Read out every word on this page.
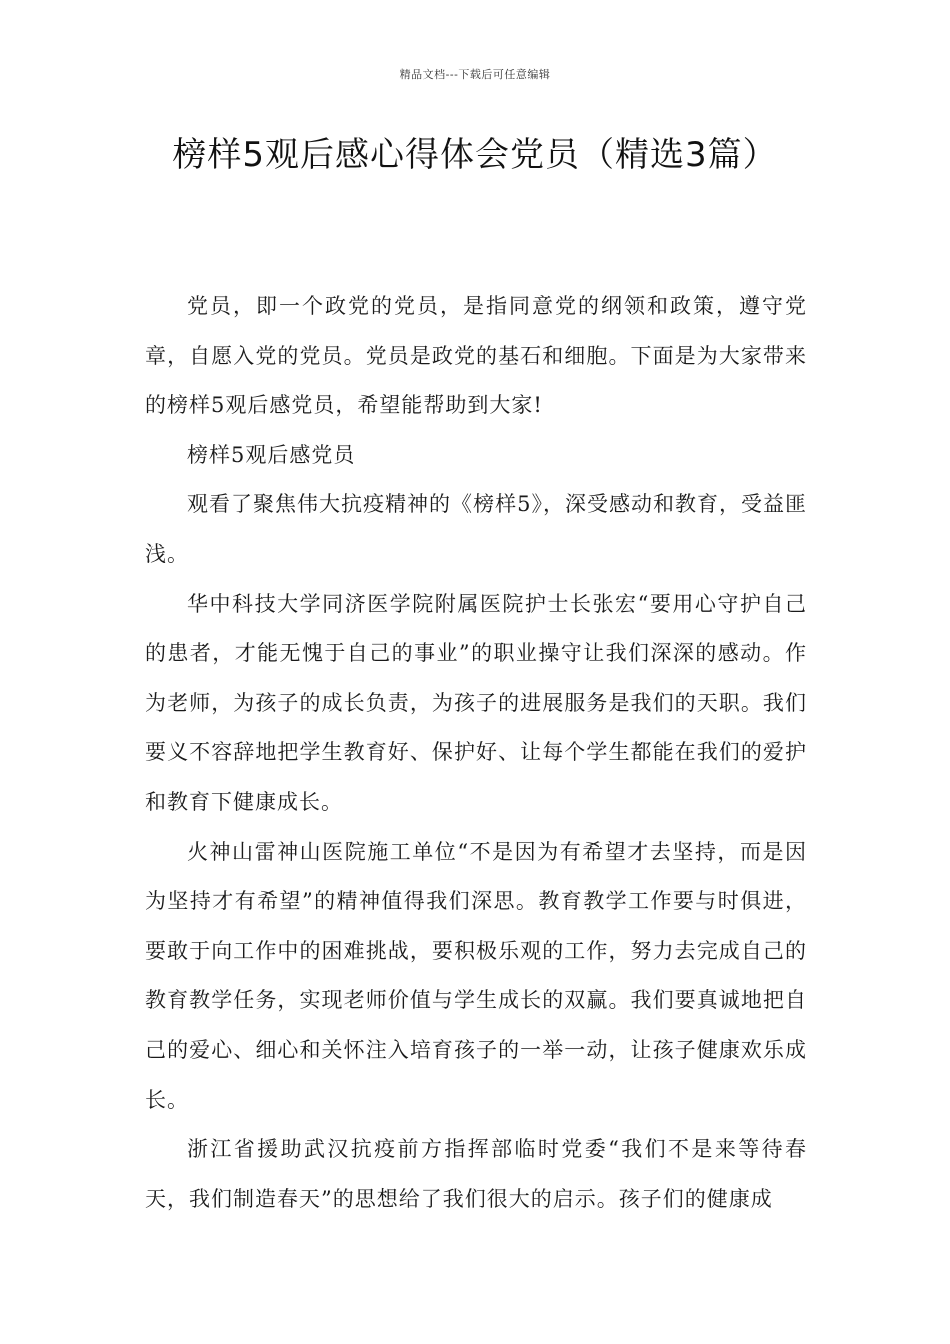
精品文档---下载后可任意编辑
榜样5观后感心得体会党员（精选3篇）

党员，即一个政党的党员，是指同意党的纲领和政策，遵守党章，自愿入党的党员。党员是政党的基石和细胞。下面是为大家带来的榜样5观后感党员，希望能帮助到大家!

榜样5观后感党员

观看了聚焦伟大抗疫精神的《榜样5》，深受感动和教育，受益匪浅。

华中科技大学同济医学院附属医院护士长张宏“要用心守护自己的患者，才能无愧于自己的事业”的职业操守让我们深深的感动。作为老师，为孩子的成长负责，为孩子的进展服务是我们的天职。我们要义不容辞地把学生教育好、保护好、让每个学生都能在我们的爱护和教育下健康成长。

火神山雷神山医院施工单位“不是因为有希望才去坚持，而是因为坚持才有希望”的精神值得我们深思。教育教学工作要与时俱进，要敢于向工作中的困难挑战，要积极乐观的工作，努力去完成自己的教育教学任务，实现老师价值与学生成长的双赢。我们要真诚地把自己的爱心、细心和关怀注入培育孩子的一举一动，让孩子健康欢乐成长。

浙江省援助武汉抗疫前方指挥部临时党委“我们不是来等待春天，我们制造春天”的思想给了我们很大的启示。孩子们的健康成
